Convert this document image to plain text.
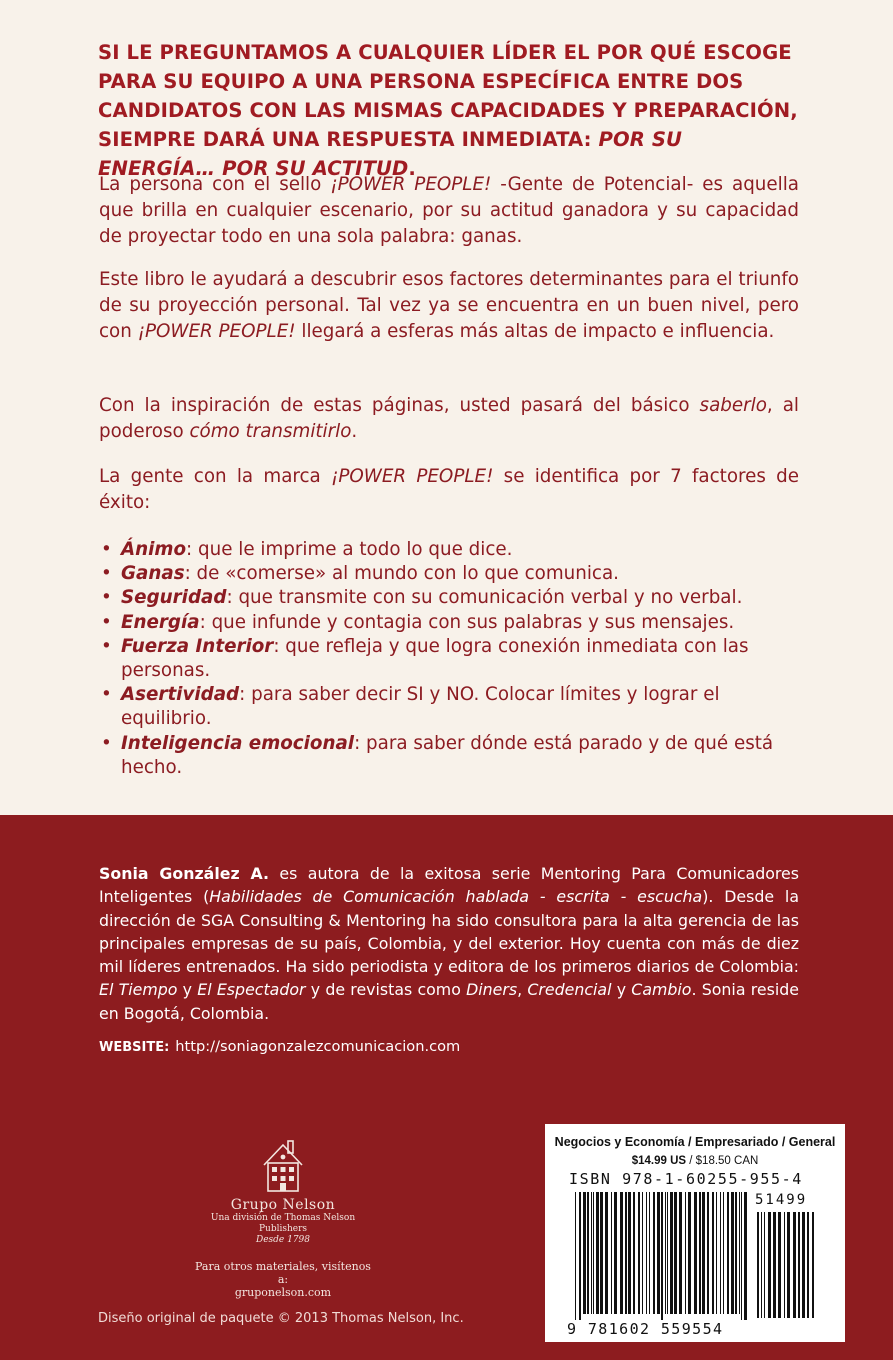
SI LE PREGUNTAMOS A CUALQUIER LÍDER EL POR QUÉ ESCOGE PARA SU EQUIPO A UNA PERSONA ESPECÍFICA ENTRE DOS CANDIDATOS CON LAS MISMAS CAPACIDADES Y PREPARACIÓN, SIEMPRE DARÁ UNA RESPUESTA INMEDIATA: POR SU ENERGÍA… POR SU ACTITUD.

La persona con el sello ¡POWER PEOPLE! -Gente de Potencial- es aquella que brilla en cualquier escenario, por su actitud ganadora y su capacidad de proyectar todo en una sola palabra: ganas.

Este libro le ayudará a descubrir esos factores determinantes para el triunfo de su proyección personal. Tal vez ya se encuentra en un buen nivel, pero con ¡POWER PEOPLE! llegará a esferas más altas de impacto e influencia.

Con la inspiración de estas páginas, usted pasará del básico saberlo, al poderoso cómo transmitirlo.

La gente con la marca ¡POWER PEOPLE! se identifica por 7 factores de éxito:

• Ánimo: que le imprime a todo lo que dice.
• Ganas: de «comerse» al mundo con lo que comunica.
• Seguridad: que transmite con su comunicación verbal y no verbal.
• Energía: que infunde y contagia con sus palabras y sus mensajes.
• Fuerza Interior: que refleja y que logra conexión inmediata con las personas.
• Asertividad: para saber decir SI y NO. Colocar límites y lograr el equilibrio.
• Inteligencia emocional: para saber dónde está parado y de qué está hecho.

Sonia González A. es autora de la exitosa serie Mentoring Para Comunicadores Inteligentes (Habilidades de Comunicación hablada - escrita - escucha). Desde la dirección de SGA Consulting & Mentoring ha sido consultora para la alta gerencia de las principales empresas de su país, Colombia, y del exterior. Hoy cuenta con más de diez mil líderes entrenados. Ha sido periodista y editora de los primeros diarios de Colombia: El Tiempo y El Espectador y de revistas como Diners, Credencial y Cambio. Sonia reside en Bogotá, Colombia.

WEBSITE: http://soniagonzalezcomunicacion.com

Grupo Nelson

Una división de Thomas Nelson Publishers

Desde 1798

Para otros materiales, visítenos a:

gruponelson.com

Diseño original de paquete © 2013 Thomas Nelson, Inc.

Negocios y Economía / Empresariado / General

$14.99 US / $18.50 CAN

ISBN 978-1-60255-955-4

51499

9 781602 559554
